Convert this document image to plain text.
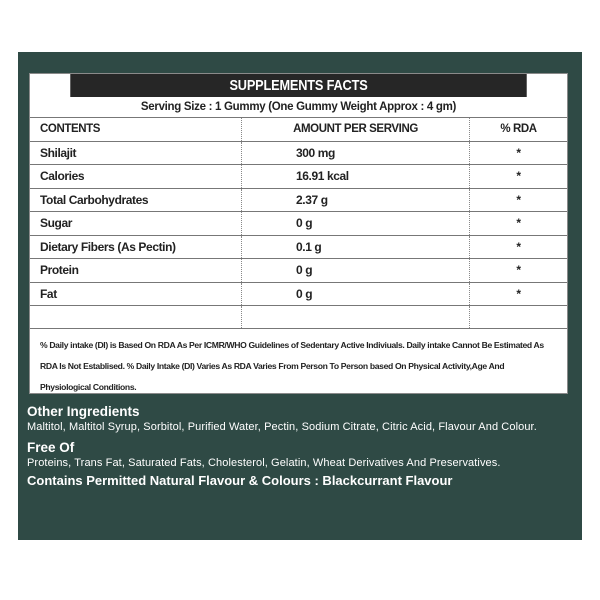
SUPPLEMENTS FACTS
Serving Size : 1 Gummy (One Gummy Weight Approx : 4 gm)
CONTENTS	AMOUNT PER SERVING	% RDA
Shilajit	300 mg	*
Calories	16.91 kcal	*
Total Carbohydrates	2.37 g	*
Sugar	0 g	*
Dietary Fibers (As Pectin)	0.1 g	*
Protein	0 g	*
Fat	0 g	*

% Daily intake (DI) is Based On RDA As Per ICMR/WHO Guidelines of Sedentary Active Indiviuals. Daily intake Cannot Be Estimated As RDA Is Not Establised. % Daily Intake (DI) Varies As RDA Varies From Person To Person based On Physical Activity,Age And Physiological Conditions.

Other Ingredients

Maltitol, Maltitol Syrup, Sorbitol, Purified Water, Pectin, Sodium Citrate, Citric Acid, Flavour And Colour.

Free Of

Proteins, Trans Fat, Saturated Fats, Cholesterol, Gelatin, Wheat Derivatives And Preservatives.

Contains Permitted Natural Flavour & Colours : Blackcurrant Flavour
